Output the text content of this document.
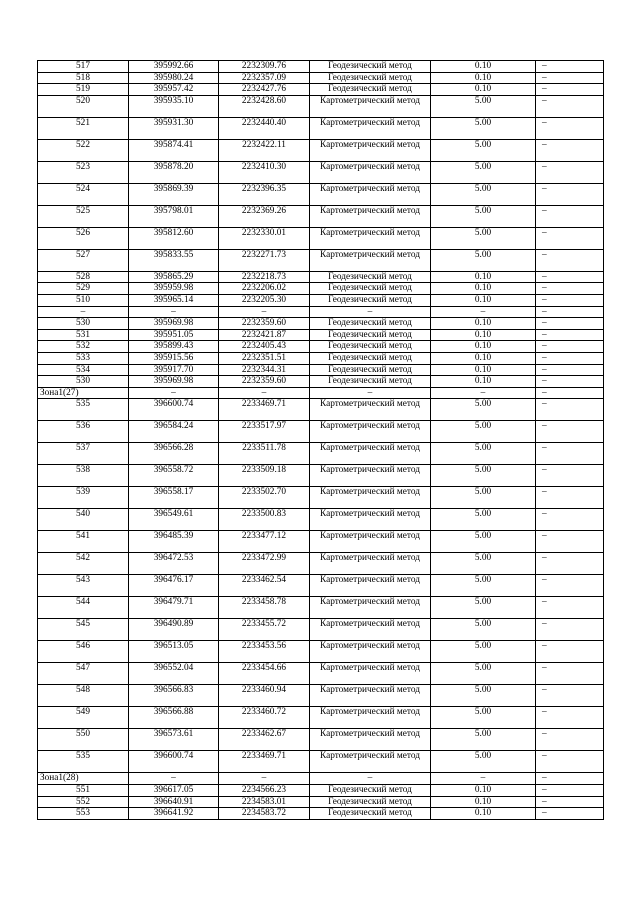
517	395992.66	2232309.76	Геодезический метод	0.10	–
518	395980.24	2232357.09	Геодезический метод	0.10	–
519	395957.42	2232427.76	Геодезический метод	0.10	–
520	395935.10	2232428.60	Картометрический метод	5.00	–
521	395931.30	2232440.40	Картометрический метод	5.00	–
522	395874.41	2232422.11	Картометрический метод	5.00	–
523	395878.20	2232410.30	Картометрический метод	5.00	–
524	395869.39	2232396.35	Картометрический метод	5.00	–
525	395798.01	2232369.26	Картометрический метод	5.00	–
526	395812.60	2232330.01	Картометрический метод	5.00	–
527	395833.55	2232271.73	Картометрический метод	5.00	–
528	395865.29	2232218.73	Геодезический метод	0.10	–
529	395959.98	2232206.02	Геодезический метод	0.10	–
510	395965.14	2232205.30	Геодезический метод	0.10	–
–	–	–	–	–	–
530	395969.98	2232359.60	Геодезический метод	0.10	–
531	395951.05	2232421.87	Геодезический метод	0.10	–
532	395899.43	2232405.43	Геодезический метод	0.10	–
533	395915.56	2232351.51	Геодезический метод	0.10	–
534	395917.70	2232344.31	Геодезический метод	0.10	–
530	395969.98	2232359.60	Геодезический метод	0.10	–
Зона1(27)	–	–	–	–	–
535	396600.74	2233469.71	Картометрический метод	5.00	–
536	396584.24	2233517.97	Картометрический метод	5.00	–
537	396566.28	2233511.78	Картометрический метод	5.00	–
538	396558.72	2233509.18	Картометрический метод	5.00	–
539	396558.17	2233502.70	Картометрический метод	5.00	–
540	396549.61	2233500.83	Картометрический метод	5.00	–
541	396485.39	2233477.12	Картометрический метод	5.00	–
542	396472.53	2233472.99	Картометрический метод	5.00	–
543	396476.17	2233462.54	Картометрический метод	5.00	–
544	396479.71	2233458.78	Картометрический метод	5.00	–
545	396490.89	2233455.72	Картометрический метод	5.00	–
546	396513.05	2233453.56	Картометрический метод	5.00	–
547	396552.04	2233454.66	Картометрический метод	5.00	–
548	396566.83	2233460.94	Картометрический метод	5.00	–
549	396566.88	2233460.72	Картометрический метод	5.00	–
550	396573.61	2233462.67	Картометрический метод	5.00	–
535	396600.74	2233469.71	Картометрический метод	5.00	–
Зона1(28)	–	–	–	–	–
551	396617.05	2234566.23	Геодезический метод	0.10	–
552	396640.91	2234583.01	Геодезический метод	0.10	–
553	396641.92	2234583.72	Геодезический метод	0.10	–
